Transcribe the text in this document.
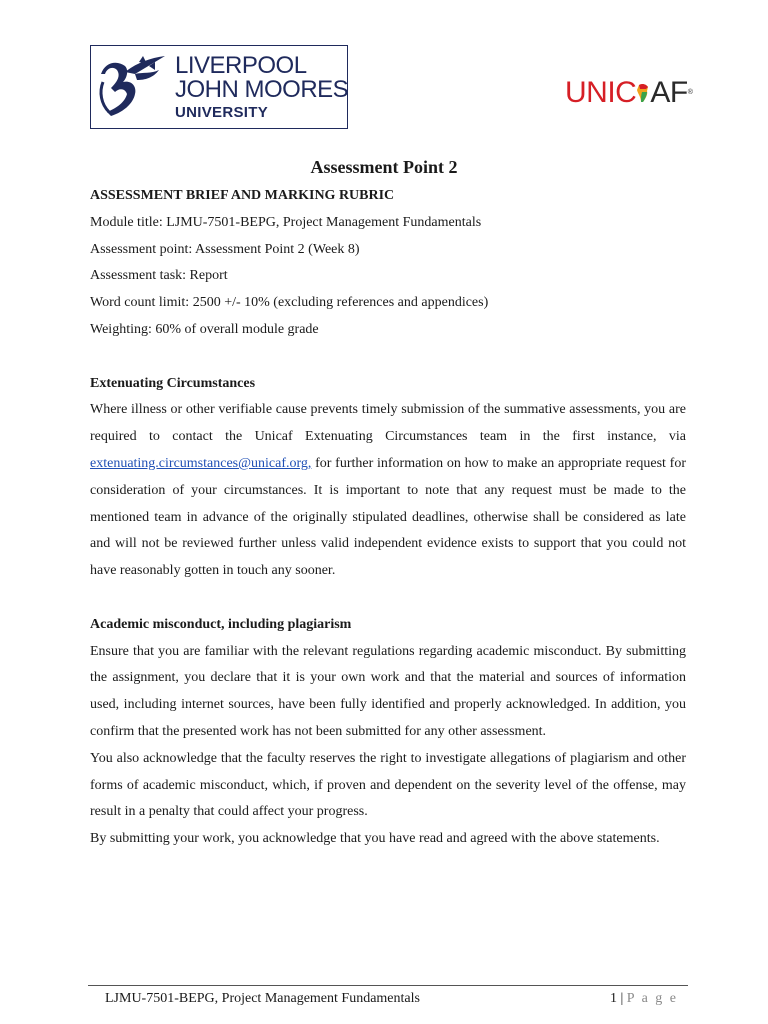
LIVERPOOL
JOHN MOORES
UNIVERSITY
UNIC AF®
Assessment Point 2
ASSESSMENT BRIEF AND MARKING RUBRIC
Module title: LJMU-7501-BEPG, Project Management Fundamentals
Assessment point: Assessment Point 2 (Week 8)
Assessment task: Report
Word count limit: 2500 +/- 10% (excluding references and appendices)
Weighting: 60% of overall module grade
Extenuating Circumstances

Where illness or other verifiable cause prevents timely submission of the summative assessments, you are required to contact the Unicaf Extenuating Circumstances team in the first instance, via extenuating.circumstances@unicaf.org, for further information on how to make an appropriate request for consideration of your circumstances. It is important to note that any request must be made to the mentioned team in advance of the originally stipulated deadlines, otherwise shall be considered as late and will not be reviewed further unless valid independent evidence exists to support that you could not have reasonably gotten in touch any sooner.

Academic misconduct, including plagiarism

Ensure that you are familiar with the relevant regulations regarding academic misconduct. By submitting the assignment, you declare that it is your own work and that the material and sources of information used, including internet sources, have been fully identified and properly acknowledged. In addition, you confirm that the presented work has not been submitted for any other assessment.

You also acknowledge that the faculty reserves the right to investigate allegations of plagiarism and other forms of academic misconduct, which, if proven and dependent on the severity level of the offense, may result in a penalty that could affect your progress.

By submitting your work, you acknowledge that you have read and agreed with the above statements.

LJMU-7501-BEPG, Project Management Fundamentals	1 | P a g e
